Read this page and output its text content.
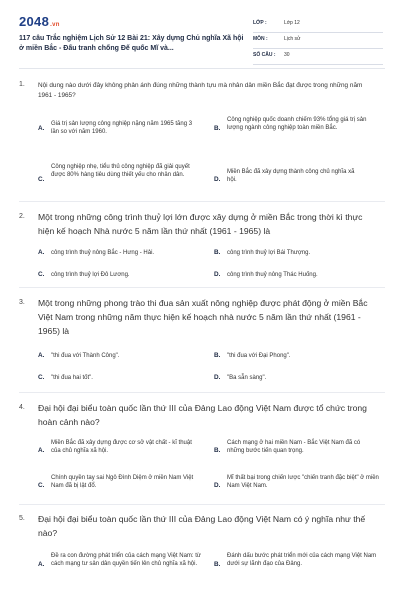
2048.vn
117 câu Trắc nghiệm Lịch Sử 12 Bài 21: Xây dựng Chủ nghĩa Xã hội ở miền Bắc - Đấu tranh chống Đế quốc Mĩ và...
LỚP :	Lớp 12
MÔN :	Lịch sử
SỐ CÂU : 30
1. Nội dung nào dưới đây không phản ánh đúng những thành tựu mà nhân dân miền Bắc đạt được trong những năm 1961 - 1965?
A.
Giá trị sản lượng công nghiệp nặng năm 1965 tăng 3 lần so với năm 1960.
B.
Công nghiệp quốc doanh chiếm 93% tổng giá trị sản lượng ngành công nghiệp toàn miền Bắc.
C.
Công nghiệp nhẹ, tiểu thủ công nghiệp đã giải quyết được 80% hàng tiêu dùng thiết yếu cho nhân dân.
D.
Miền Bắc đã xây dựng thành công chủ nghĩa xã hội.
2. Một trong những công trình thuỷ lợi lớn được xây dựng ở miền Bắc trong thời kì thực hiện kế hoạch Nhà nước 5 năm lần thứ nhất (1961 - 1965) là
A. công trình thuỷ nông Bắc - Hưng - Hải.	B. công trình thuỷ lợi Bái Thượng.
C. công trình thuỷ lợi Đô Lương.	D. công trình thuỷ nông Thác Huống.
3. Một trong những phong trào thi đua sản xuất nông nghiệp được phát động ở miền Bắc Việt Nam trong những năm thực hiện kế hoạch nhà nước 5 năm lần thứ nhất (1961 - 1965) là
A. "thi đua với Thành Công".	B. "thi đua với Đại Phong".
C. "thi đua hai tốt".	D. "Ba sẵn sàng".
4. Đại hội đại biểu toàn quốc lần thứ III của Đảng Lao động Việt Nam được tổ chức trong hoàn cảnh nào?
A.
Miền Bắc đã xây dựng được cơ sở vật chất - kĩ thuật của chủ nghĩa xã hội.	B.
Cách mạng ở hai miền Nam - Bắc Việt Nam đã có những bước tiến quan trọng.
C.
Chính quyền tay sai Ngô Đình Diệm ở miền Nam Việt Nam đã bị lật đổ.	D.
Mĩ thất bại trong chiến lược "chiến tranh đặc biệt" ở miền Nam Việt Nam.
5. Đại hội đại biểu toàn quốc lần thứ III của Đảng Lao động Việt Nam có ý nghĩa như thế nào?
A.
Đề ra con đường phát triển của cách mạng Việt Nam: từ cách mạng tư sản dân quyền tiến lên chủ nghĩa xã hội.	B.
Đánh dấu bước phát triển mới của cách mạng Việt Nam dưới sự lãnh đạo của Đảng.
